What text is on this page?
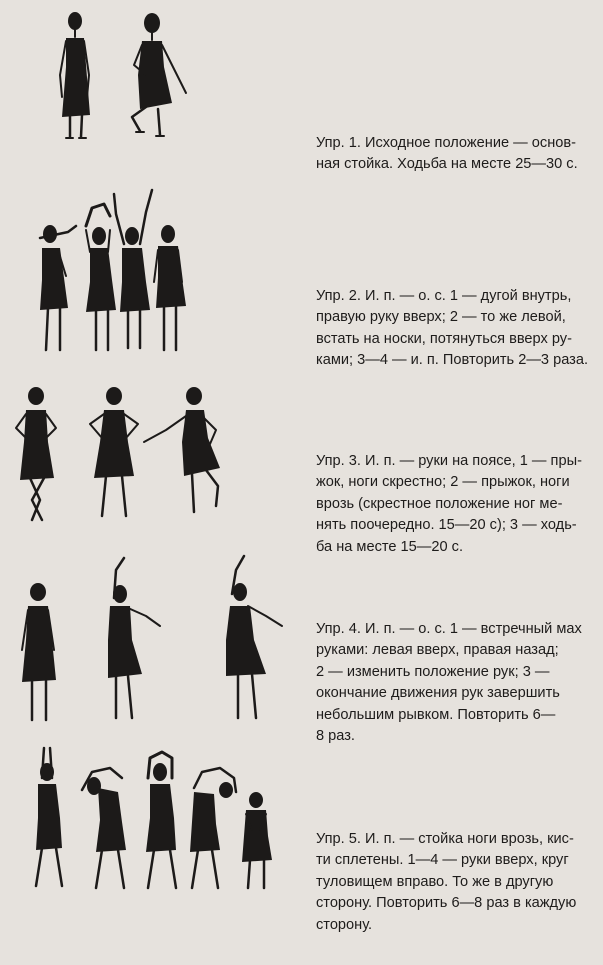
Упр. 1. Исходное положение — основ-
ная стойка. Ходьба на месте 25—30 с.

Упр. 2. И. п. — о. с. 1 — дугой внутрь,
правую руку вверх; 2 — то же левой,
встать на носки, потянуться вверх ру-
ками; 3—4 — и. п. Повторить 2—3 раза.

Упр. 3. И. п. — руки на поясе, 1 — пры-
жок, ноги скрестно; 2 — прыжок, ноги
врозь (скрестное положение ног ме-
нять поочередно. 15—20 с); 3 — ходь-
ба на месте 15—20 с.

Упр. 4. И. п. — о. с. 1 — встречный мах
руками: левая вверх, правая назад;
2 — изменить положение рук; 3 —
окончание движения рук завершить
небольшим рывком. Повторить 6—
8 раз.

Упр. 5. И. п. — стойка ноги врозь, кис-
ти сплетены. 1—4 — руки вверх, круг
туловищем вправо. То же в другую
сторону. Повторить 6—8 раз в каждую
сторону.
